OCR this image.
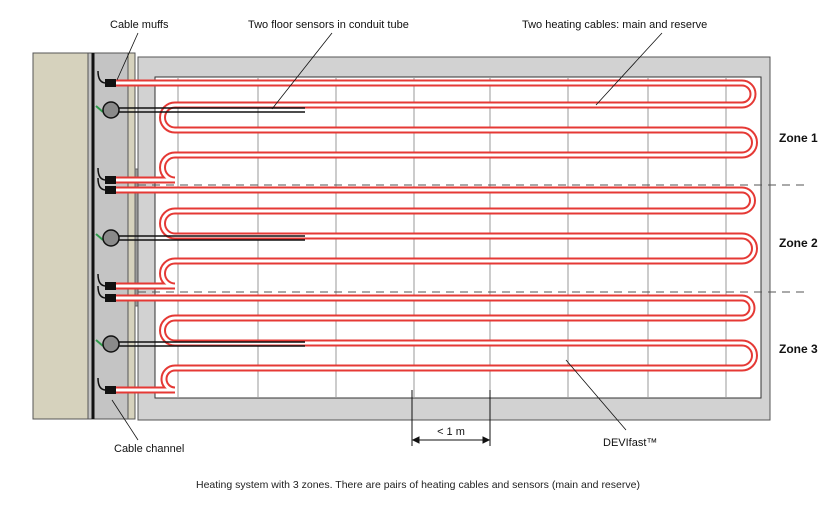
< 1 m
Cable muffs	Two floor sensors in conduit tube	Two heating cables: main and reserve
Cable channel	DEVIfast™
Zone 1
Zone 2
Zone 3
Heating system with 3 zones. There are pairs of heating cables and sensors (main and reserve)
